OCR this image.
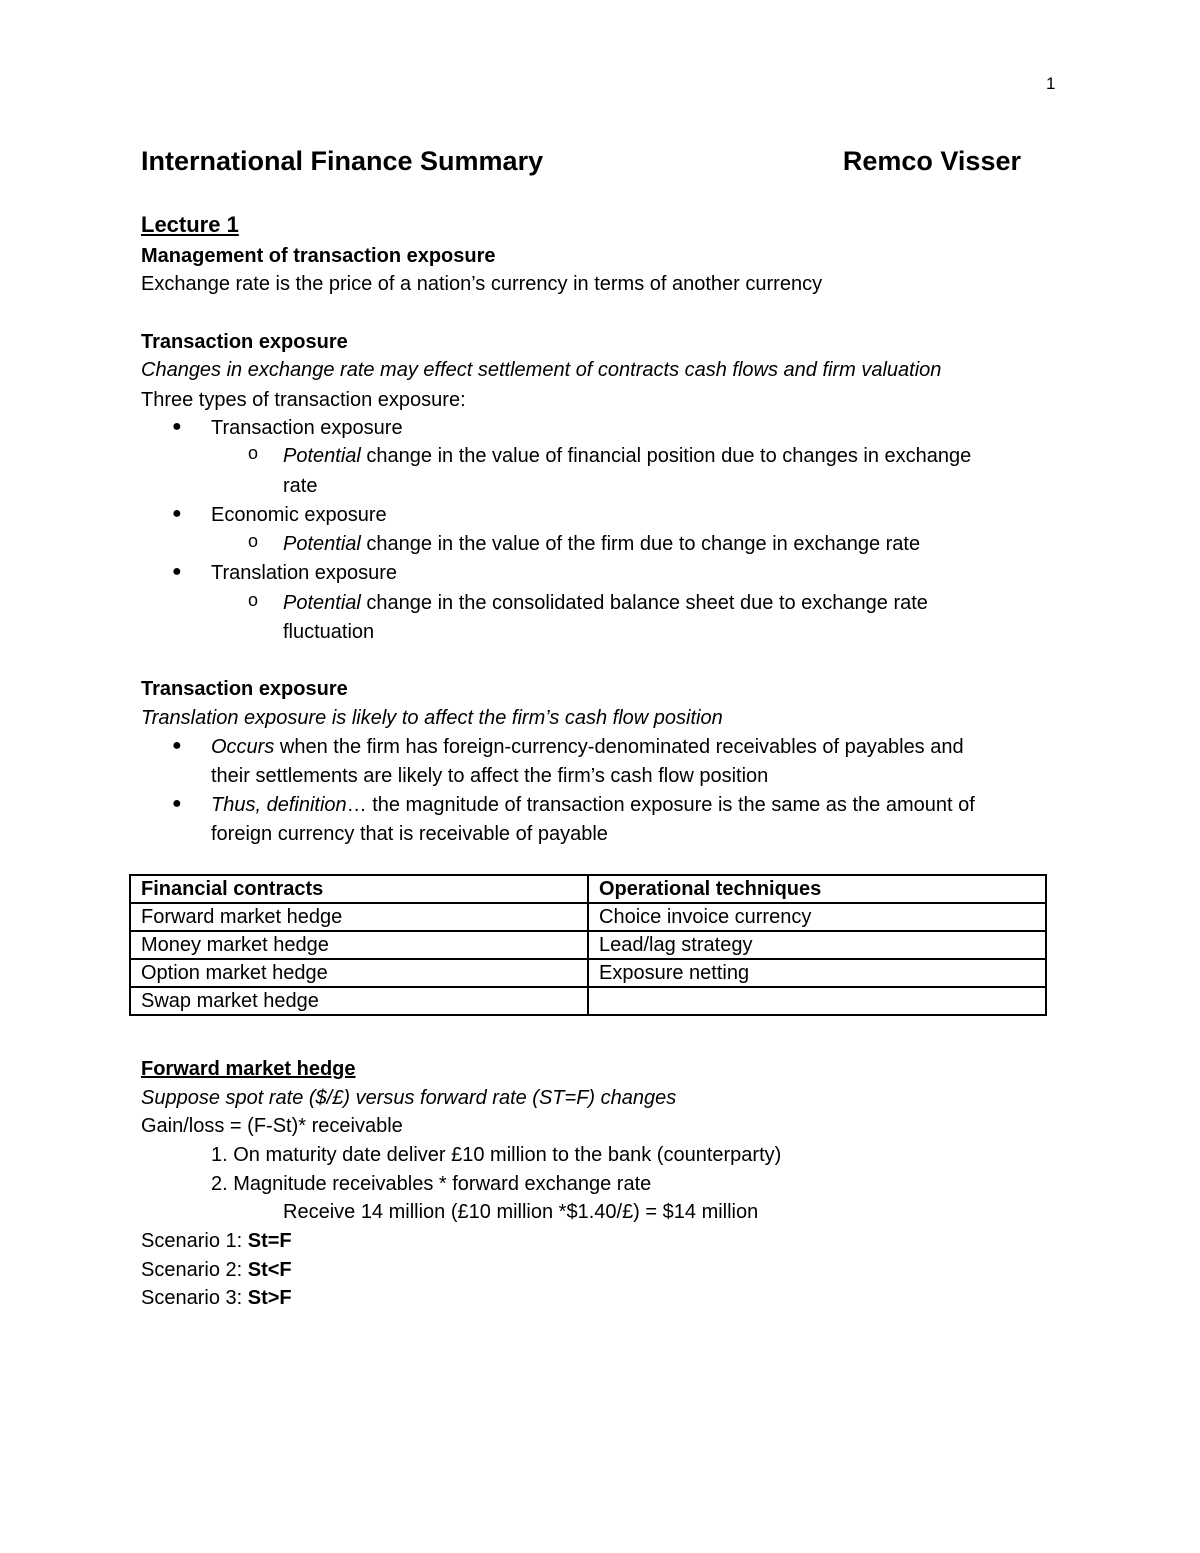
1
International Finance Summary	Remco Visser
Lecture 1
Management of transaction exposure
Exchange rate is the price of a nation’s currency in terms of another currency
Transaction exposure
Changes in exchange rate may effect settlement of contracts cash flows and firm valuation
Three types of transaction exposure:
● Transaction exposure
o Potential change in the value of financial position due to changes in exchange
rate
● Economic exposure
o Potential change in the value of the firm due to change in exchange rate
● Translation exposure
o Potential change in the consolidated balance sheet due to exchange rate
fluctuation
Transaction exposure
Translation exposure is likely to affect the firm’s cash flow position
● Occurs when the firm has foreign-currency-denominated receivables of payables and
their settlements are likely to affect the firm’s cash flow position
● Thus, definition… the magnitude of transaction exposure is the same as the amount of
foreign currency that is receivable of payable
Financial contracts	Operational techniques
Forward market hedge	Choice invoice currency
Money market hedge	Lead/lag strategy
Option market hedge	Exposure netting
Swap market hedge	
Forward market hedge
Suppose spot rate ($/£) versus forward rate (ST=F) changes
Gain/loss = (F-St)* receivable
1. On maturity date deliver £10 million to the bank (counterparty)
2. Magnitude receivables * forward exchange rate
Receive 14 million (£10 million *$1.40/£) = $14 million
Scenario 1: St=F
Scenario 2: St<F
Scenario 3: St>F
